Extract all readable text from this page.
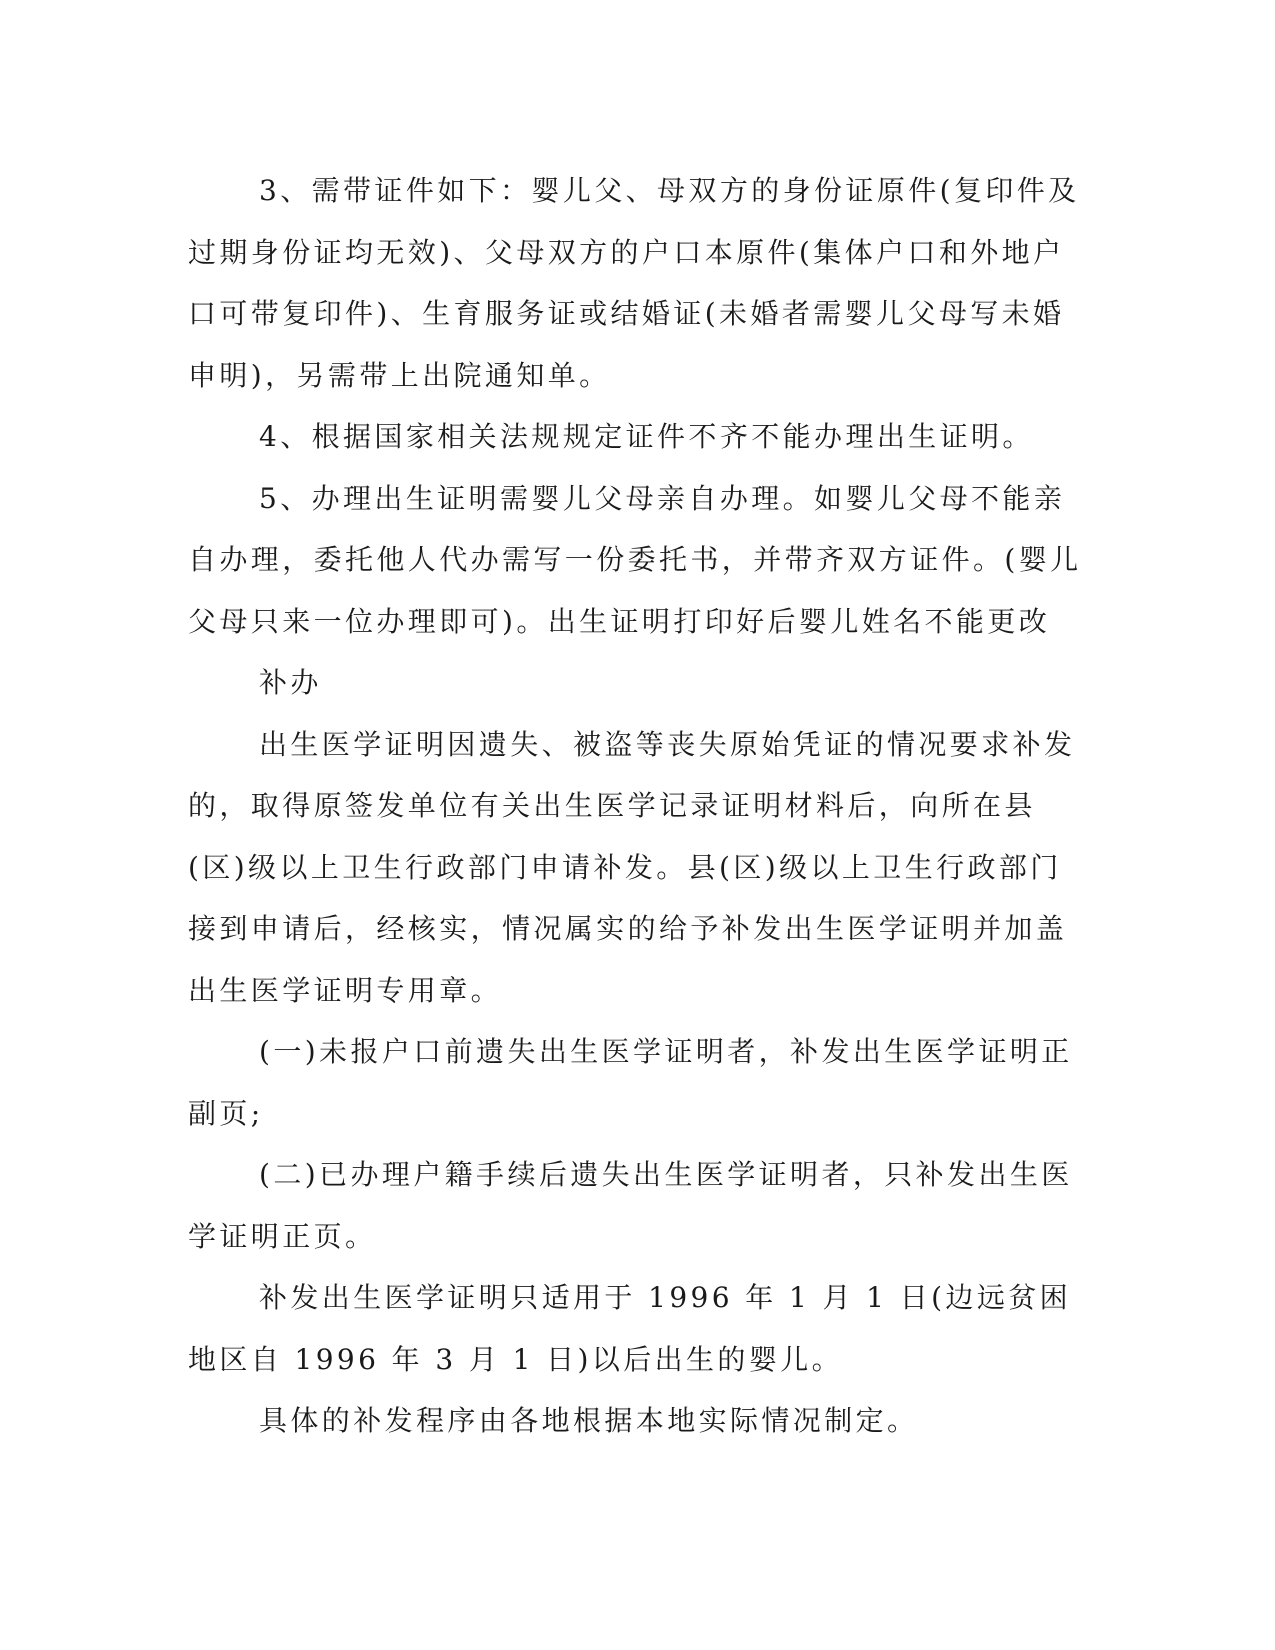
3、需带证件如下：婴儿父、母双方的身份证原件(复印件及过期身份证均无效)、父母双方的户口本原件(集体户口和外地户口可带复印件)、生育服务证或结婚证(未婚者需婴儿父母写未婚申明)，另需带上出院通知单。

4、根据国家相关法规规定证件不齐不能办理出生证明。

5、办理出生证明需婴儿父母亲自办理。如婴儿父母不能亲自办理，委托他人代办需写一份委托书，并带齐双方证件。(婴儿父母只来一位办理即可)。出生证明打印好后婴儿姓名不能更改

补办

出生医学证明因遗失、被盗等丧失原始凭证的情况要求补发的，取得原签发单位有关出生医学记录证明材料后，向所在县(区)级以上卫生行政部门申请补发。县(区)级以上卫生行政部门接到申请后，经核实，情况属实的给予补发出生医学证明并加盖出生医学证明专用章。

(一)未报户口前遗失出生医学证明者，补发出生医学证明正副页;

(二)已办理户籍手续后遗失出生医学证明者，只补发出生医学证明正页。

补发出生医学证明只适用于 1996 年 1 月 1 日(边远贫困地区自 1996 年 3 月 1 日)以后出生的婴儿。

具体的补发程序由各地根据本地实际情况制定。
